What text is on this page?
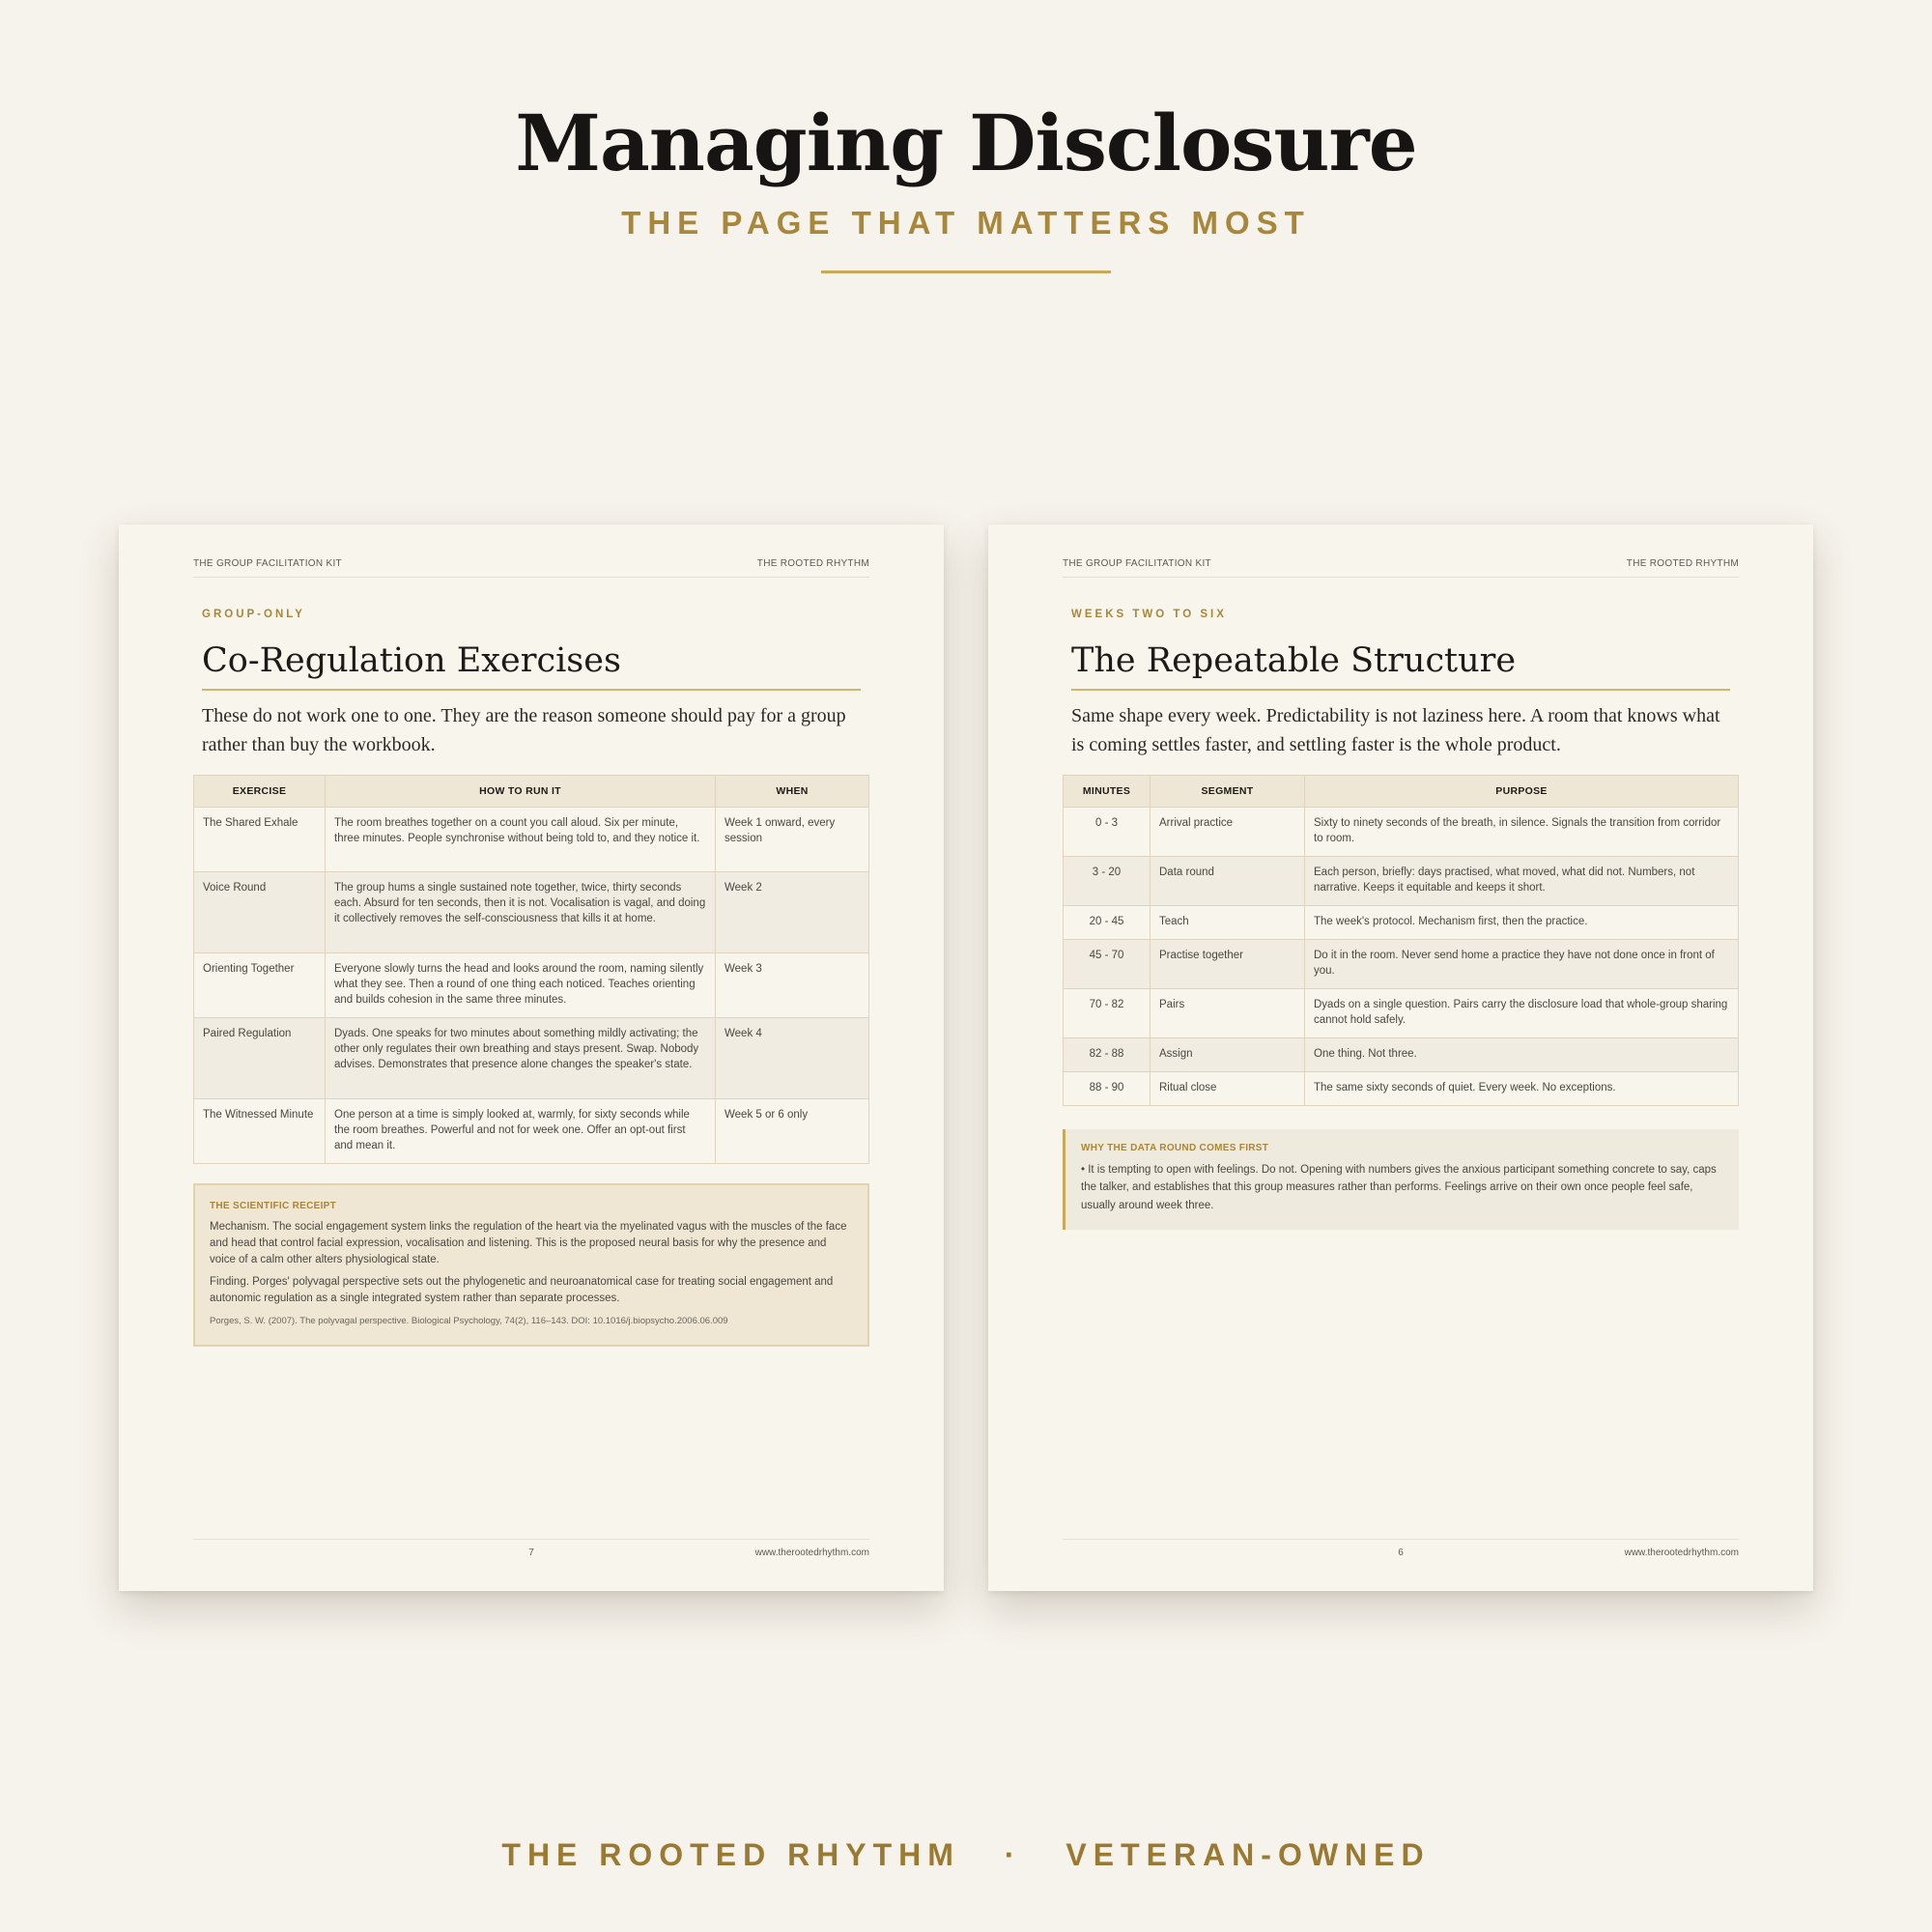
Managing Disclosure
THE PAGE THAT MATTERS MOST
THE GROUP FACILITATION KIT	THE ROOTED RHYTHM
GROUP-ONLY
Co-Regulation Exercises
These do not work one to one. They are the reason someone should pay for a group rather than buy the workbook.
EXERCISE	HOW TO RUN IT	WHEN
The Shared Exhale	The room breathes together on a count you call aloud. Six per minute, three minutes. People synchronise without being told to, and they notice it.	Week 1 onward, every session
Voice Round	The group hums a single sustained note together, twice, thirty seconds each. Absurd for ten seconds, then it is not. Vocalisation is vagal, and doing it collectively removes the self-consciousness that kills it at home.	Week 2
Orienting Together	Everyone slowly turns the head and looks around the room, naming silently what they see. Then a round of one thing each noticed. Teaches orienting and builds cohesion in the same three minutes.	Week 3
Paired Regulation	Dyads. One speaks for two minutes about something mildly activating; the other only regulates their own breathing and stays present. Swap. Nobody advises. Demonstrates that presence alone changes the speaker's state.	Week 4
The Witnessed Minute	One person at a time is simply looked at, warmly, for sixty seconds while the room breathes. Powerful and not for week one. Offer an opt-out first and mean it.	Week 5 or 6 only
THE SCIENTIFIC RECEIPT

Mechanism. The social engagement system links the regulation of the heart via the myelinated vagus with the muscles of the face and head that control facial expression, vocalisation and listening. This is the proposed neural basis for why the presence and voice of a calm other alters physiological state.

Finding. Porges' polyvagal perspective sets out the phylogenetic and neuroanatomical case for treating social engagement and autonomic regulation as a single integrated system rather than separate processes.

Porges, S. W. (2007). The polyvagal perspective. Biological Psychology, 74(2), 116–143. DOI: 10.1016/j.biopsycho.2006.06.009

7	www.therootedrhythm.com
THE GROUP FACILITATION KIT	THE ROOTED RHYTHM
WEEKS TWO TO SIX
The Repeatable Structure
Same shape every week. Predictability is not laziness here. A room that knows what is coming settles faster, and settling faster is the whole product.
MINUTES	SEGMENT	PURPOSE
0 - 3	Arrival practice	Sixty to ninety seconds of the breath, in silence. Signals the transition from corridor to room.
3 - 20	Data round	Each person, briefly: days practised, what moved, what did not. Numbers, not narrative. Keeps it equitable and keeps it short.
20 - 45	Teach	The week's protocol. Mechanism first, then the practice.
45 - 70	Practise together	Do it in the room. Never send home a practice they have not done once in front of you.
70 - 82	Pairs	Dyads on a single question. Pairs carry the disclosure load that whole-group sharing cannot hold safely.
82 - 88	Assign	One thing. Not three.
88 - 90	Ritual close	The same sixty seconds of quiet. Every week. No exceptions.
WHY THE DATA ROUND COMES FIRST
• It is tempting to open with feelings. Do not. Opening with numbers gives the anxious participant something concrete to say, caps the talker, and establishes that this group measures rather than performs. Feelings arrive on their own once people feel safe, usually around week three.
6	www.therootedrhythm.com
THE ROOTED RHYTHM · VETERAN-OWNED
